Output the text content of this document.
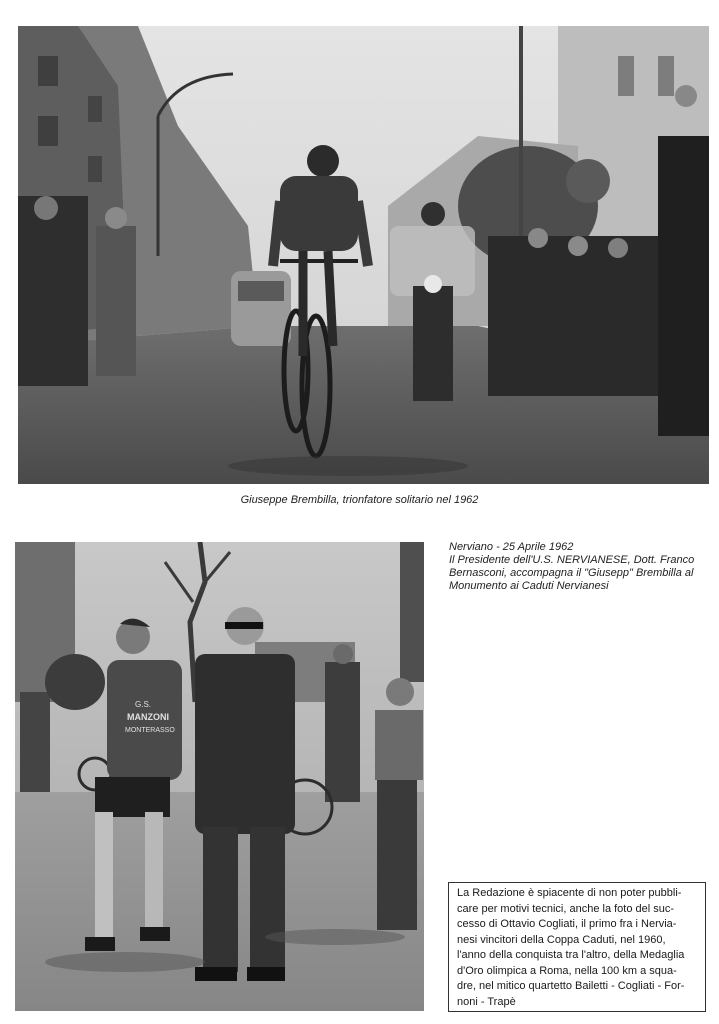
Giuseppe Brembilla, trionfatore solitario nel 1962
G.S.
MANZONI
MONTERASSO
Nerviano - 25 Aprile 1962
Il Presidente dell'U.S. NERVIANESE, Dott. Franco
Bernasconi, accompagna il "Giusepp" Brembilla al
Monumento ai Caduti Nervianesi
La Redazione è spiacente di non poter pubbli-
care per motivi tecnici, anche la foto del suc-
cesso di Ottavio Cogliati, il primo fra i Nervia-
nesi vincitori della Coppa Caduti, nel 1960,
l'anno della conquista tra l'altro, della Medaglia
d'Oro olimpica a Roma, nella 100 km a squa-
dre, nel mitico quartetto Bailetti - Cogliati - For-
noni - Trapè
